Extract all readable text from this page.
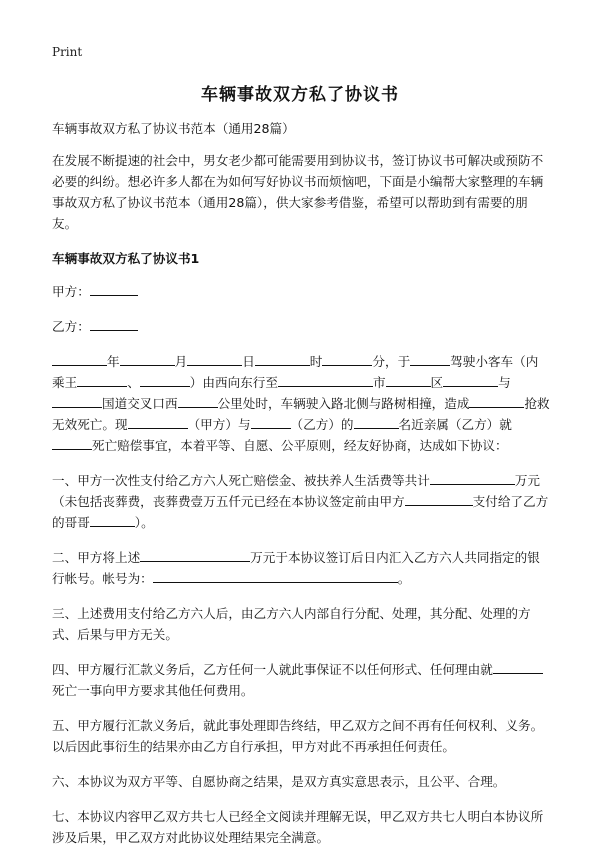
Print
车辆事故双方私了协议书

车辆事故双方私了协议书范本（通用28篇）

在发展不断提速的社会中，男女老少都可能需要用到协议书，签订协议书可解决或预防不必要的纠纷。想必许多人都在为如何写好协议书而烦恼吧，下面是小编帮大家整理的车辆事故双方私了协议书范本（通用28篇），供大家参考借鉴，希望可以帮助到有需要的朋友。

车辆事故双方私了协议书1

甲方：

乙方：

年	月	日	时	分，于	驾驶小客车（内乘王	、	）由西向东行至	市	区	与国道交叉口西	公里处时，车辆驶入路北侧与路树相撞，造成	抢救无效死亡。现	（甲方）与	（乙方）的	名近亲属（乙方）就死亡赔偿事宜，本着平等、自愿、公平原则，经友好协商，达成如下协议：

一、甲方一次性支付给乙方六人死亡赔偿金、被扶养人生活费等共计	万元（未包括丧葬费，丧葬费壹万五仟元已经在本协议签定前由甲方	支付给了乙方的哥哥	）。

二、甲方将上述	万元于本协议签订后日内汇入乙方六人共同指定的银行帐号。帐号为：	。

三、上述费用支付给乙方六人后，由乙方六人内部自行分配、处理，其分配、处理的方式、后果与甲方无关。

四、甲方履行汇款义务后，乙方任何一人就此事保证不以任何形式、任何理由就死亡一事向甲方要求其他任何费用。

五、甲方履行汇款义务后，就此事处理即告终结，甲乙双方之间不再有任何权利、义务。以后因此事衍生的结果亦由乙方自行承担，甲方对此不再承担任何责任。

六、本协议为双方平等、自愿协商之结果，是双方真实意思表示，且公平、合理。

七、本协议内容甲乙双方共七人已经全文阅读并理解无误，甲乙双方共七人明白本协议所涉及后果，甲乙双方对此协议处理结果完全满意。
